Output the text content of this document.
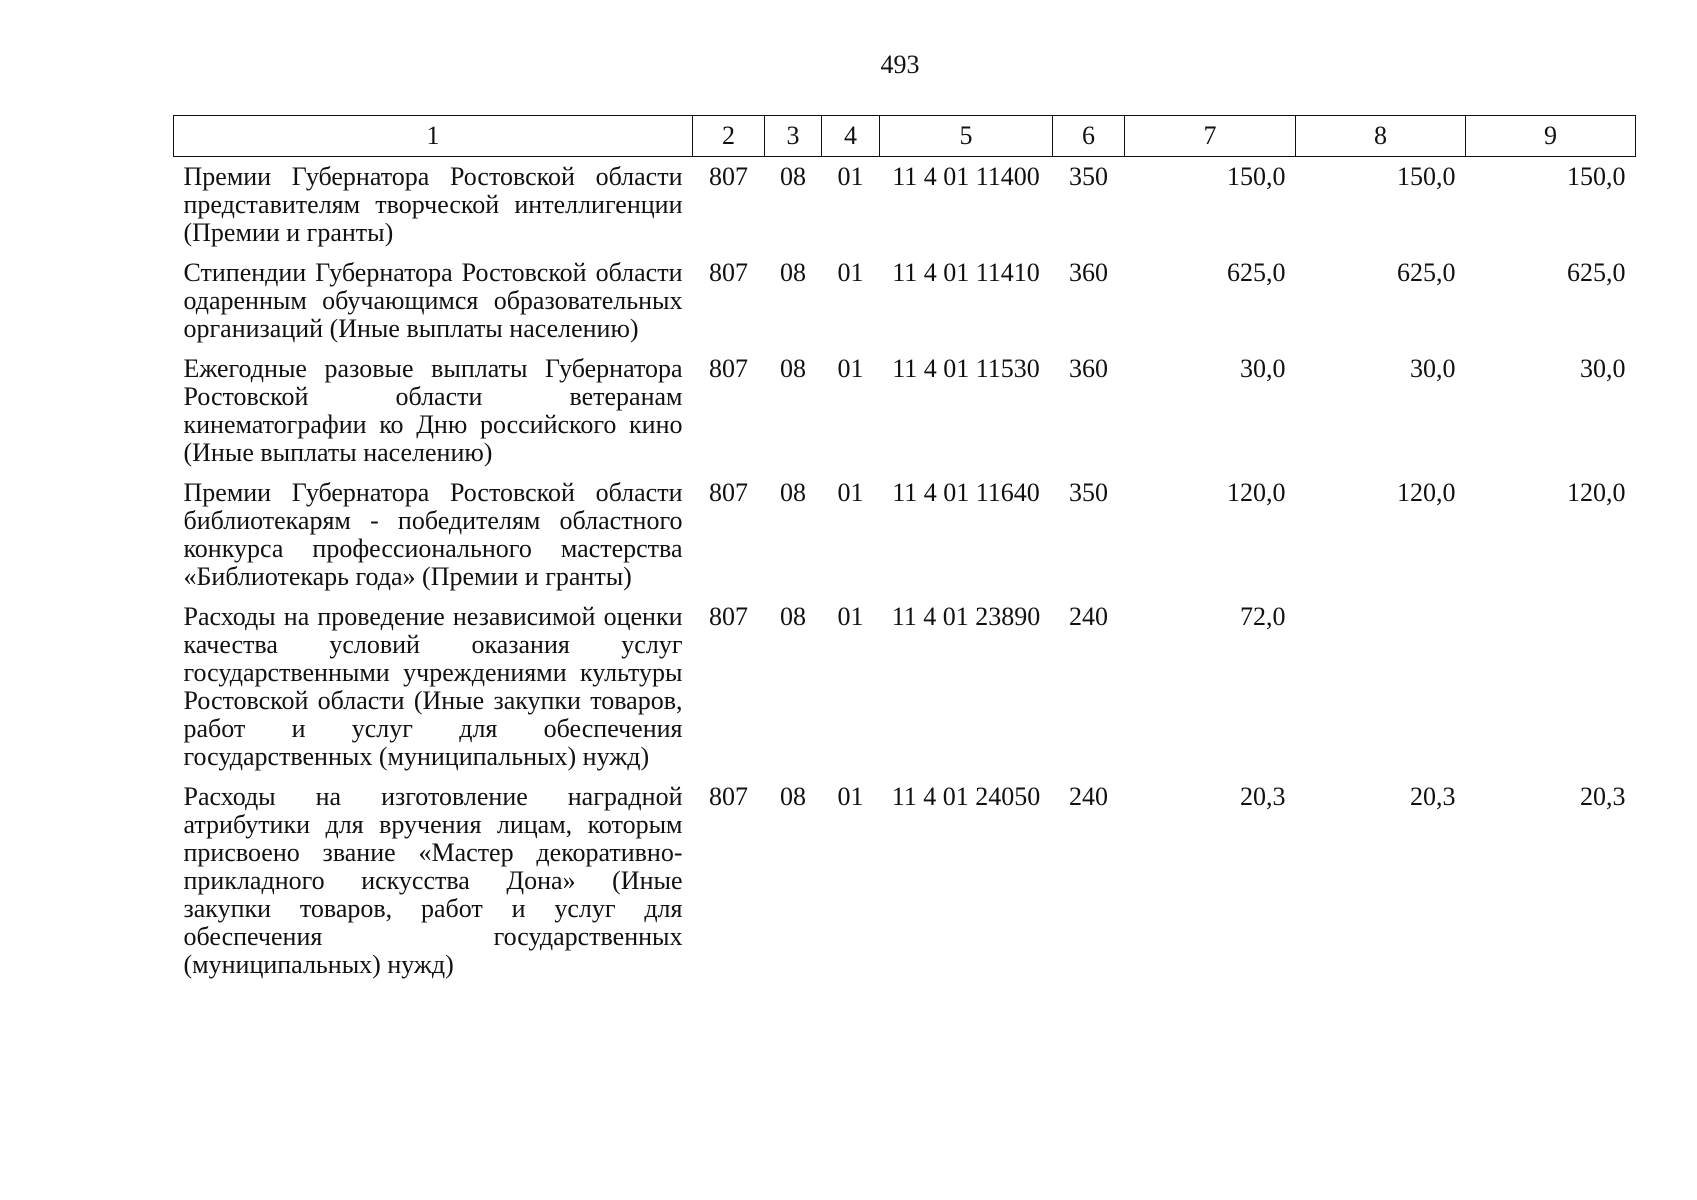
493
1	2	3	4	5	6	7	8	9
Премии Губернатора Ростовской области представителям творческой интеллигенции (Премии и гранты)	807	08	01	11 4 01 11400	350	150,0	150,0	150,0
Стипендии Губернатора Ростовской области одаренным обучающимся образовательных организаций (Иные выплаты населению)	807	08	01	11 4 01 11410	360	625,0	625,0	625,0
Ежегодные разовые выплаты Губернатора Ростовской области ветеранам кинематографии ко Дню российского кино (Иные выплаты населению)	807	08	01	11 4 01 11530	360	30,0	30,0	30,0
Премии Губернатора Ростовской области библиотекарям - победителям областного конкурса профессионального мастерства «Библиотекарь года» (Премии и гранты)	807	08	01	11 4 01 11640	350	120,0	120,0	120,0
Расходы на проведение независимой оценки качества условий оказания услуг государственными учреждениями культуры Ростовской области (Иные закупки товаров, работ и услуг для обеспечения государственных (муниципальных) нужд)	807	08	01	11 4 01 23890	240	72,0		
Расходы на изготовление наградной атрибутики для вручения лицам, которым присвоено звание «Мастер декоративно-прикладного искусства Дона» (Иные закупки товаров, работ и услуг для обеспечения государственных (муниципальных) нужд)	807	08	01	11 4 01 24050	240	20,3	20,3	20,3
